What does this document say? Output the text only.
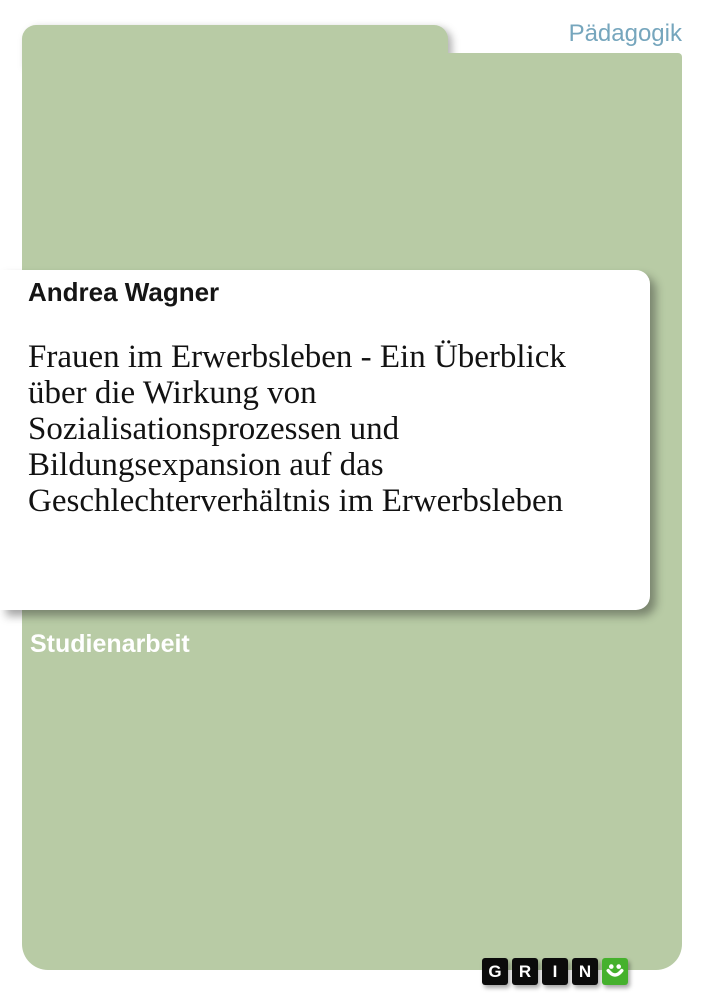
Pädagogik
Andrea Wagner
Frauen im Erwerbsleben - Ein Überblick
über die Wirkung von
Sozialisationsprozessen und
Bildungsexpansion auf das
Geschlechterverhältnis im Erwerbsleben
Studienarbeit
G	R	I	N
